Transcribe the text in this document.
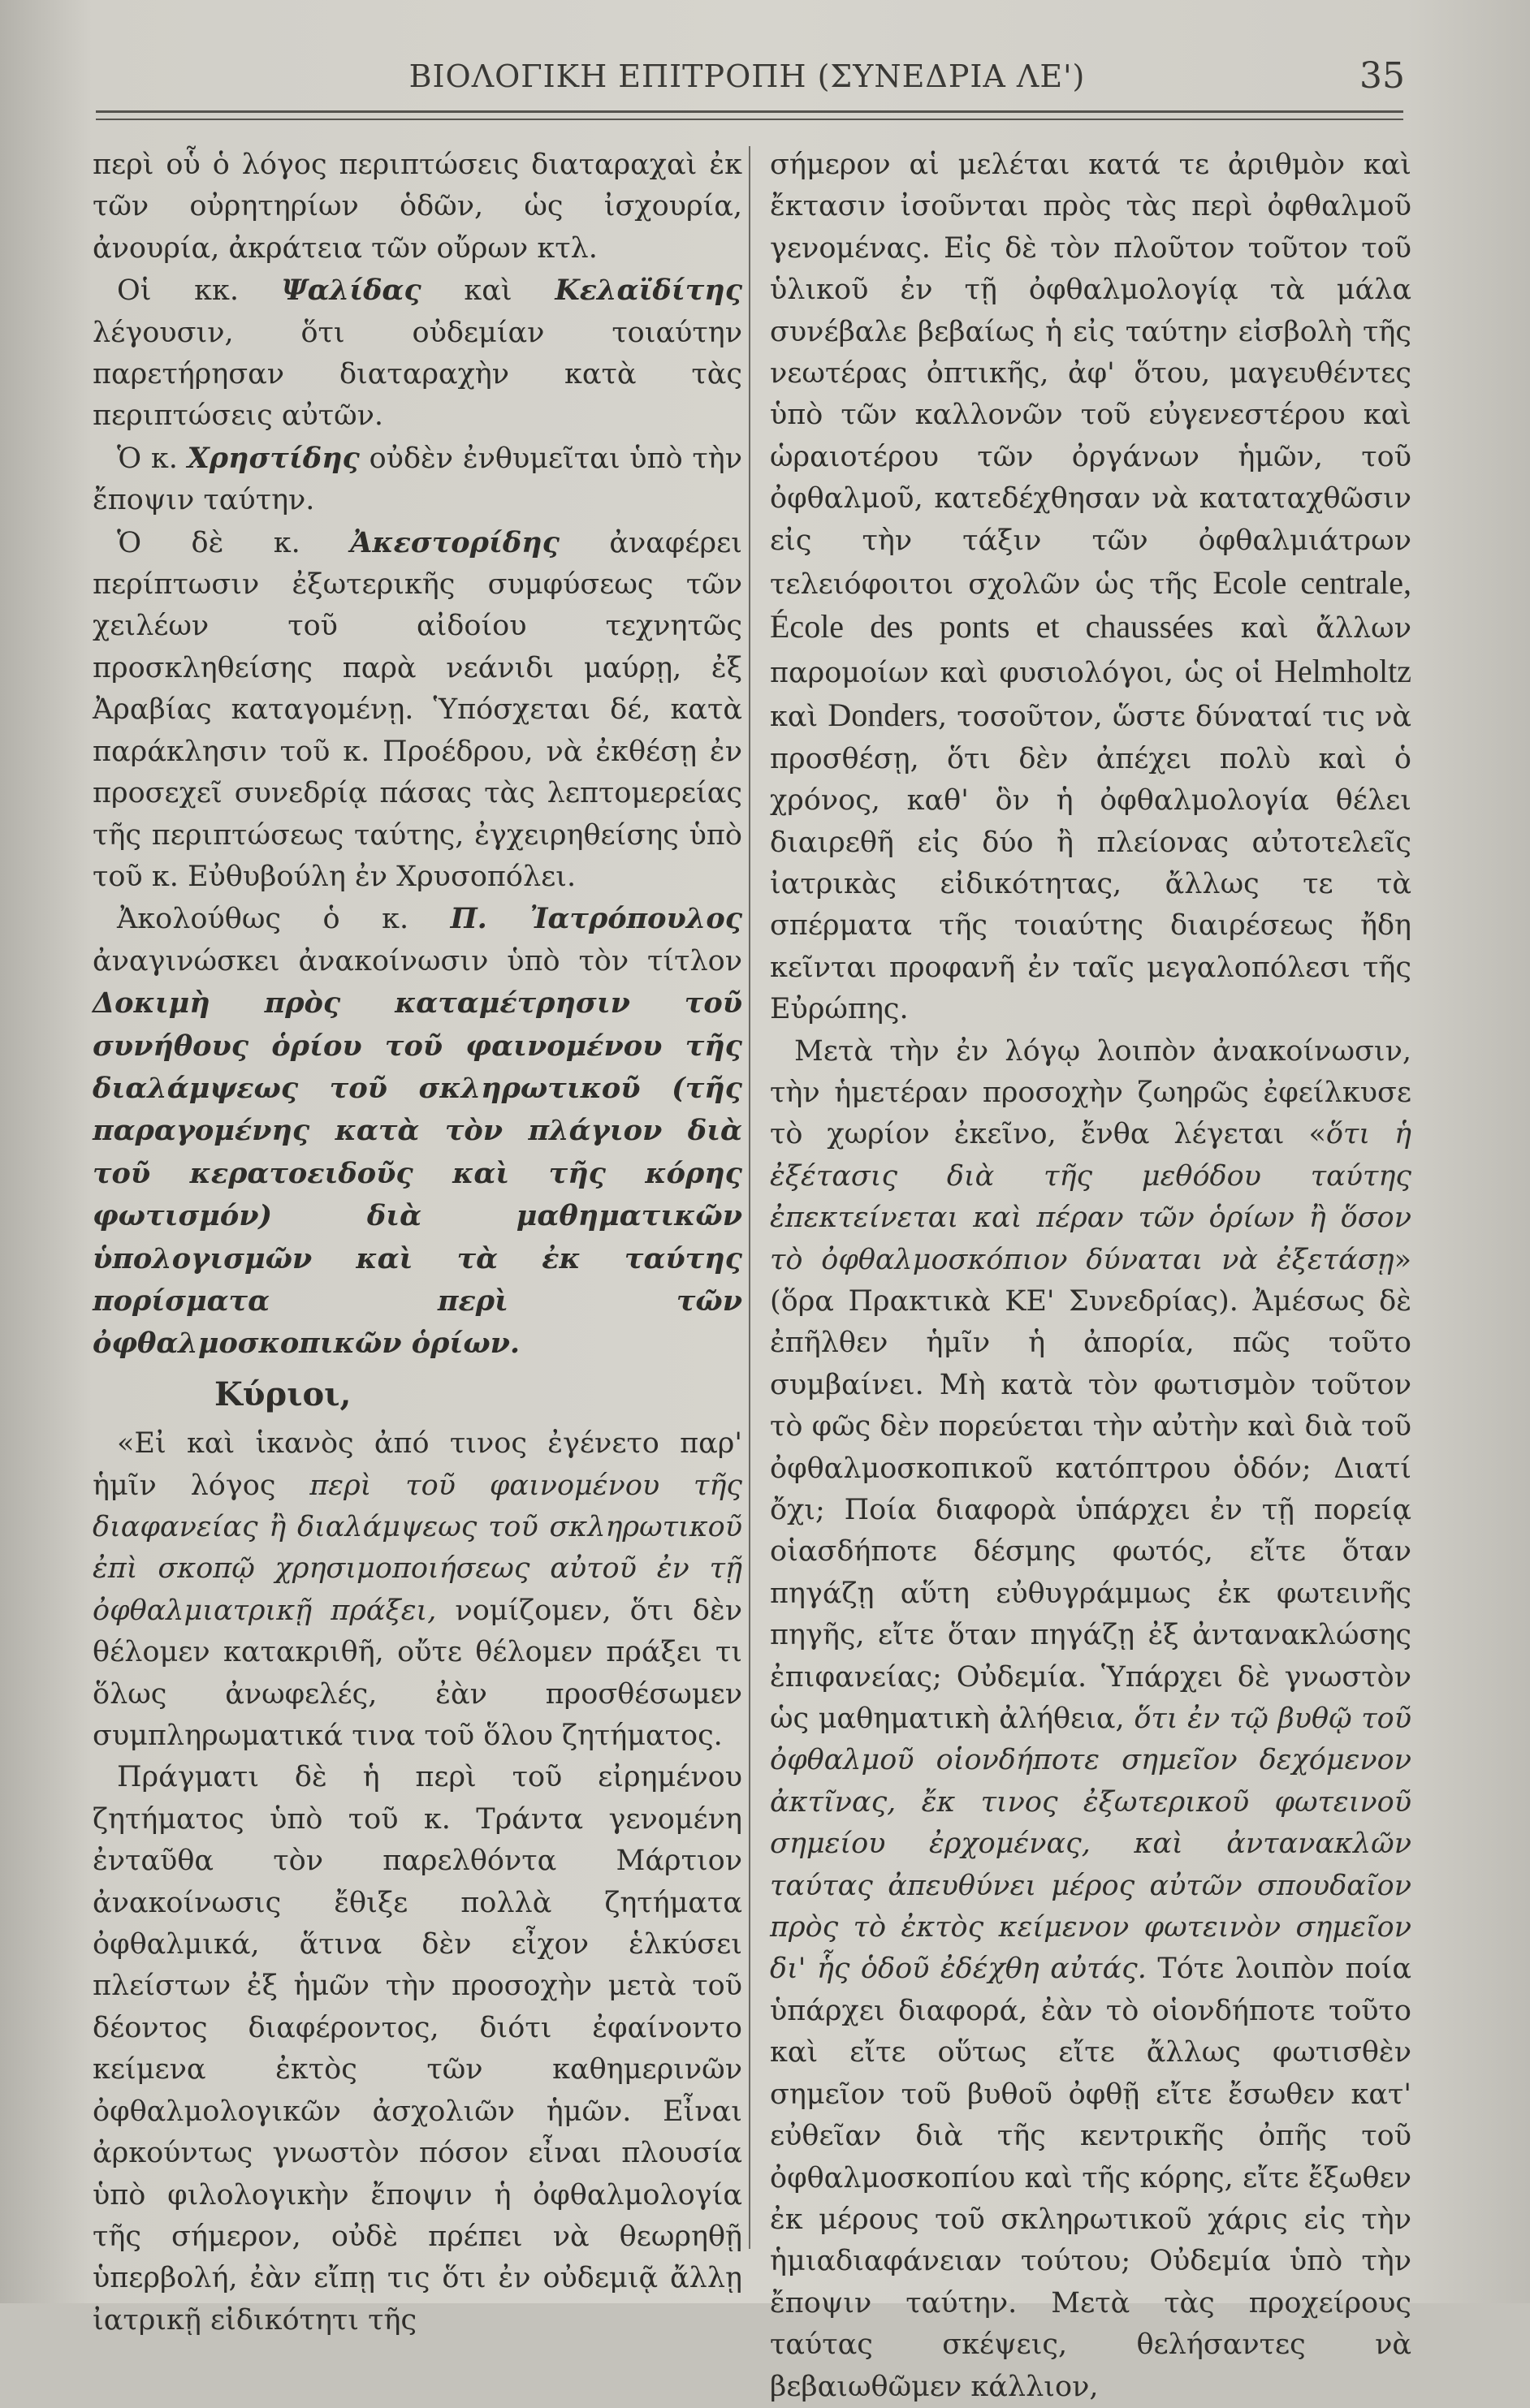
ΒΙΟΛΟΓΙΚΗ ΕΠΙΤΡΟΠΗ (ΣΥΝΕΔΡΙΑ ΛΕ')	35

περὶ οὗ ὁ λόγος περιπτώσεις διαταραχαὶ ἐκ τῶν οὐρητηρίων ὁδῶν, ὡς ἰσχουρία, ἀνουρία, ἀκράτεια τῶν οὔρων κτλ.

Οἱ κκ. Ψαλίδας καὶ Κελαϊδίτης λέγουσιν, ὅτι οὐδεμίαν τοιαύτην παρετήρησαν διαταραχὴν κατὰ τὰς περιπτώσεις αὐτῶν.

Ὁ κ. Χρηστίδης οὐδὲν ἐνθυμεῖται ὑπὸ τὴν ἔποψιν ταύτην.

Ὁ δὲ κ. Ἀκεστορίδης ἀναφέρει περίπτωσιν ἐξωτερικῆς συμφύσεως τῶν χειλέων τοῦ αἰδοίου τεχνητῶς προσκληθείσης παρὰ νεάνιδι μαύρῃ, ἐξ Ἀραβίας καταγομένῃ. Ὑπόσχεται δέ, κατὰ παράκλησιν τοῦ κ. Προέδρου, νὰ ἐκθέσῃ ἐν προσεχεῖ συνεδρίᾳ πάσας τὰς λεπτομερείας τῆς περιπτώσεως ταύτης, ἐγχειρηθείσης ὑπὸ τοῦ κ. Εὐθυβούλη ἐν Χρυσοπόλει.

Ἀκολούθως ὁ κ. Π. Ἰατρόπουλος ἀναγινώσκει ἀνακοίνωσιν ὑπὸ τὸν τίτλον Δοκιμὴ πρὸς καταμέτρησιν τοῦ συνήθους ὁρίου τοῦ φαινομένου τῆς διαλάμψεως τοῦ σκληρωτικοῦ (τῆς παραγομένης κατὰ τὸν πλάγιον διὰ τοῦ κερατοειδοῦς καὶ τῆς κόρης φωτισμόν) διὰ μαθηματικῶν ὑπολογισμῶν καὶ τὰ ἐκ ταύτης πορίσματα περὶ τῶν ὀφθαλμοσκοπικῶν ὁρίων.

Κύριοι,

«Εἰ καὶ ἱκανὸς ἀπό τινος ἐγένετο παρ' ἡμῖν λόγος περὶ τοῦ φαινομένου τῆς διαφανείας ἢ διαλάμψεως τοῦ σκληρωτικοῦ ἐπὶ σκοπῷ χρησιμοποιήσεως αὐτοῦ ἐν τῇ ὀφθαλμιατρικῇ πράξει, νομίζομεν, ὅτι δὲν θέλομεν κατακριθῆ, οὔτε θέλομεν πράξει τι ὅλως ἀνωφελές, ἐὰν προσθέσωμεν συμπληρωματικά τινα τοῦ ὅλου ζητήματος.

Πράγματι δὲ ἡ περὶ τοῦ εἰρημένου ζητήματος ὑπὸ τοῦ κ. Τράντα γενομένη ἐνταῦθα τὸν παρελθόντα Μάρτιον ἀνακοίνωσις ἔθιξε πολλὰ ζητήματα ὀφθαλμικά, ἅτινα δὲν εἶχον ἑλκύσει πλείστων ἐξ ἡμῶν τὴν προσοχὴν μετὰ τοῦ δέοντος διαφέροντος, διότι ἐφαίνοντο κείμενα ἐκτὸς τῶν καθημερινῶν ὀφθαλμολογικῶν ἀσχολιῶν ἡμῶν. Εἶναι ἀρκούντως γνωστὸν πόσον εἶναι πλουσία ὑπὸ φιλολογικὴν ἔποψιν ἡ ὀφθαλμολογία τῆς σήμερον, οὐδὲ πρέπει νὰ θεωρηθῇ ὑπερβολή, ἐὰν εἴπῃ τις ὅτι ἐν οὐδεμιᾷ ἄλλῃ ἰατρικῇ εἰδικότητι τῆς

σήμερον αἱ μελέται κατά τε ἀριθμὸν καὶ ἔκτασιν ἰσοῦνται πρὸς τὰς περὶ ὀφθαλμοῦ γενομένας. Εἰς δὲ τὸν πλοῦτον τοῦτον τοῦ ὑλικοῦ ἐν τῇ ὀφθαλμολογίᾳ τὰ μάλα συνέβαλε βεβαίως ἡ εἰς ταύτην εἰσβολὴ τῆς νεωτέρας ὀπτικῆς, ἀφ' ὅτου, μαγευθέντες ὑπὸ τῶν καλλονῶν τοῦ εὐγενεστέρου καὶ ὡραιοτέρου τῶν ὀργάνων ἡμῶν, τοῦ ὀφθαλμοῦ, κατεδέχθησαν νὰ καταταχθῶσιν εἰς τὴν τάξιν τῶν ὀφθαλμιάτρων τελειόφοιτοι σχολῶν ὡς τῆς Ecole centrale, École des ponts et chaussées καὶ ἄλλων παρομοίων καὶ φυσιολόγοι, ὡς οἱ Helmholtz καὶ Donders, τοσοῦτον, ὥστε δύναταί τις νὰ προσθέσῃ, ὅτι δὲν ἀπέχει πολὺ καὶ ὁ χρόνος, καθ' ὃν ἡ ὀφθαλμολογία θέλει διαιρεθῆ εἰς δύο ἢ πλείονας αὐτοτελεῖς ἰατρικὰς εἰδικότητας, ἄλλως τε τὰ σπέρματα τῆς τοιαύτης διαιρέσεως ἤδη κεῖνται προφανῆ ἐν ταῖς μεγαλοπόλεσι τῆς Εὐρώπης.

Μετὰ τὴν ἐν λόγῳ λοιπὸν ἀνακοίνωσιν, τὴν ἡμετέραν προσοχὴν ζωηρῶς ἐφείλκυσε τὸ χωρίον ἐκεῖνο, ἔνθα λέγεται «ὅτι ἡ ἐξέτασις διὰ τῆς μεθόδου ταύτης ἐπεκτείνεται καὶ πέραν τῶν ὁρίων ἢ ὅσον τὸ ὀφθαλμοσκόπιον δύναται νὰ ἐξετάσῃ» (ὅρα Πρακτικὰ ΚΕ' Συνεδρίας). Ἀμέσως δὲ ἐπῆλθεν ἡμῖν ἡ ἀπορία, πῶς τοῦτο συμβαίνει. Μὴ κατὰ τὸν φωτισμὸν τοῦτον τὸ φῶς δὲν πορεύεται τὴν αὐτὴν καὶ διὰ τοῦ ὀφθαλμοσκοπικοῦ κατόπτρου ὁδόν; Διατί ὄχι; Ποία διαφορὰ ὑπάρχει ἐν τῇ πορείᾳ οἱασδήποτε δέσμης φωτός, εἴτε ὅταν πηγάζῃ αὕτη εὐθυγράμμως ἐκ φωτεινῆς πηγῆς, εἴτε ὅταν πηγάζῃ ἐξ ἀντανακλώσης ἐπιφανείας; Οὐδεμία. Ὑπάρχει δὲ γνωστὸν ὡς μαθηματικὴ ἀλήθεια, ὅτι ἐν τῷ βυθῷ τοῦ ὀφθαλμοῦ οἱονδήποτε σημεῖον δεχόμενον ἀκτῖνας, ἔκ τινος ἐξωτερικοῦ φωτεινοῦ σημείου ἐρχομένας, καὶ ἀντανακλῶν ταύτας ἀπευθύνει μέρος αὐτῶν σπουδαῖον πρὸς τὸ ἐκτὸς κείμενον φωτεινὸν σημεῖον δι' ἧς ὁδοῦ ἐδέχθη αὐτάς. Τότε λοιπὸν ποία ὑπάρχει διαφορά, ἐὰν τὸ οἱονδήποτε τοῦτο καὶ εἴτε οὕτως εἴτε ἄλλως φωτισθὲν σημεῖον τοῦ βυθοῦ ὀφθῇ εἴτε ἔσωθεν κατ' εὐθεῖαν διὰ τῆς κεντρικῆς ὀπῆς τοῦ ὀφθαλμοσκοπίου καὶ τῆς κόρης, εἴτε ἔξωθεν ἐκ μέρους τοῦ σκληρωτικοῦ χάρις εἰς τὴν ἡμιαδιαφάνειαν τούτου; Οὐδεμία ὑπὸ τὴν ἔποψιν ταύτην. Μετὰ τὰς προχείρους ταύτας σκέψεις, θελήσαντες νὰ βεβαιωθῶμεν κάλλιον,
